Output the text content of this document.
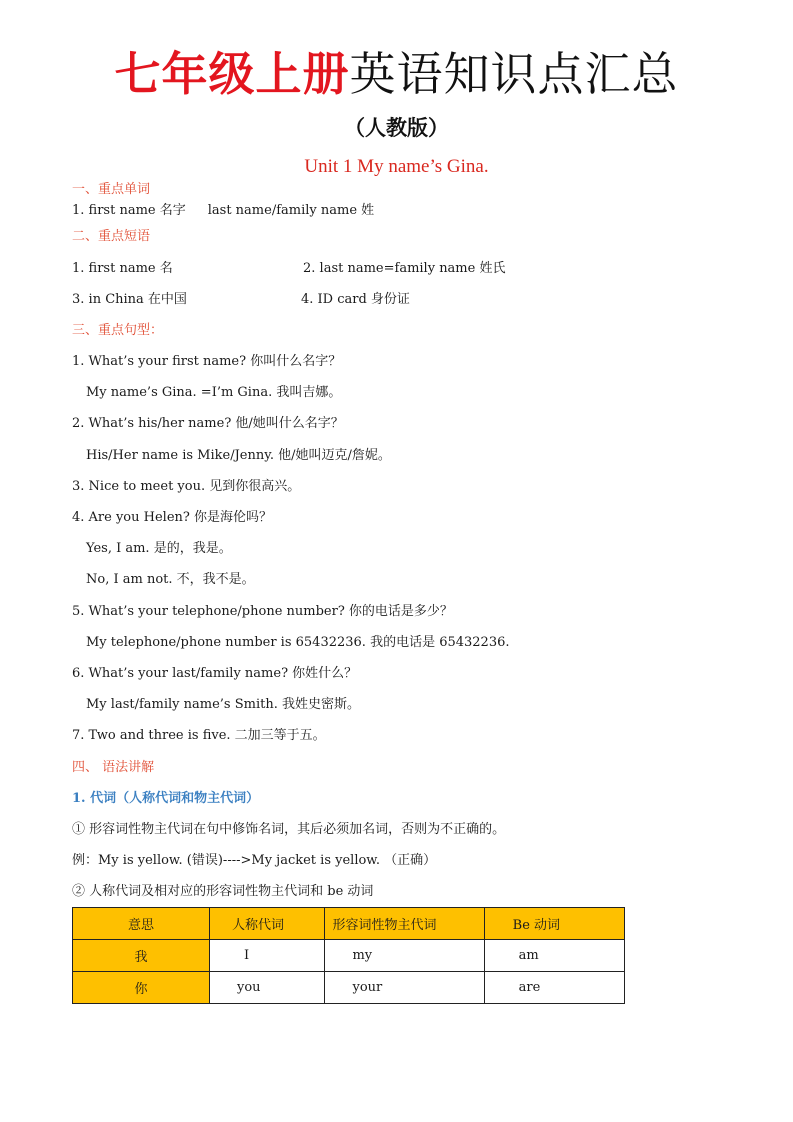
七年级上册英语知识点汇总
（人教版）
Unit 1 My name’s Gina.
一、重点单词
1. first name 名字 last name/family name 姓
二、重点短语
1. first name 名	2. last name=family name 姓氏
3. in China 在中国	4. ID card 身份证
三、重点句型：
1. What’s your first name? 你叫什么名字？
My name’s Gina. =I’m Gina. 我叫吉娜。
2. What’s his/her name? 他/她叫什么名字？
His/Her name is Mike/Jenny. 他/她叫迈克/詹妮。
3. Nice to meet you. 见到你很高兴。
4. Are you Helen? 你是海伦吗？
Yes, I am. 是的，我是。
No, I am not. 不，我不是。
5. What’s your telephone/phone number? 你的电话是多少？
My telephone/phone number is 65432236. 我的电话是 65432236.
6. What’s your last/family name? 你姓什么？
My last/family name’s Smith. 我姓史密斯。
7. Two and three is five. 二加三等于五。
四、 语法讲解
1. 代词（人称代词和物主代词）
① 形容词性物主代词在句中修饰名词，其后必须加名词，否则为不正确的。
例：My is yellow. (错误)---->My jacket is yellow. （正确）
② 人称代词及相对应的形容词性物主代词和 be 动词
意思	人称代词	形容词性物主代词	Be 动词
我	I	my	am
你	you	your	are
